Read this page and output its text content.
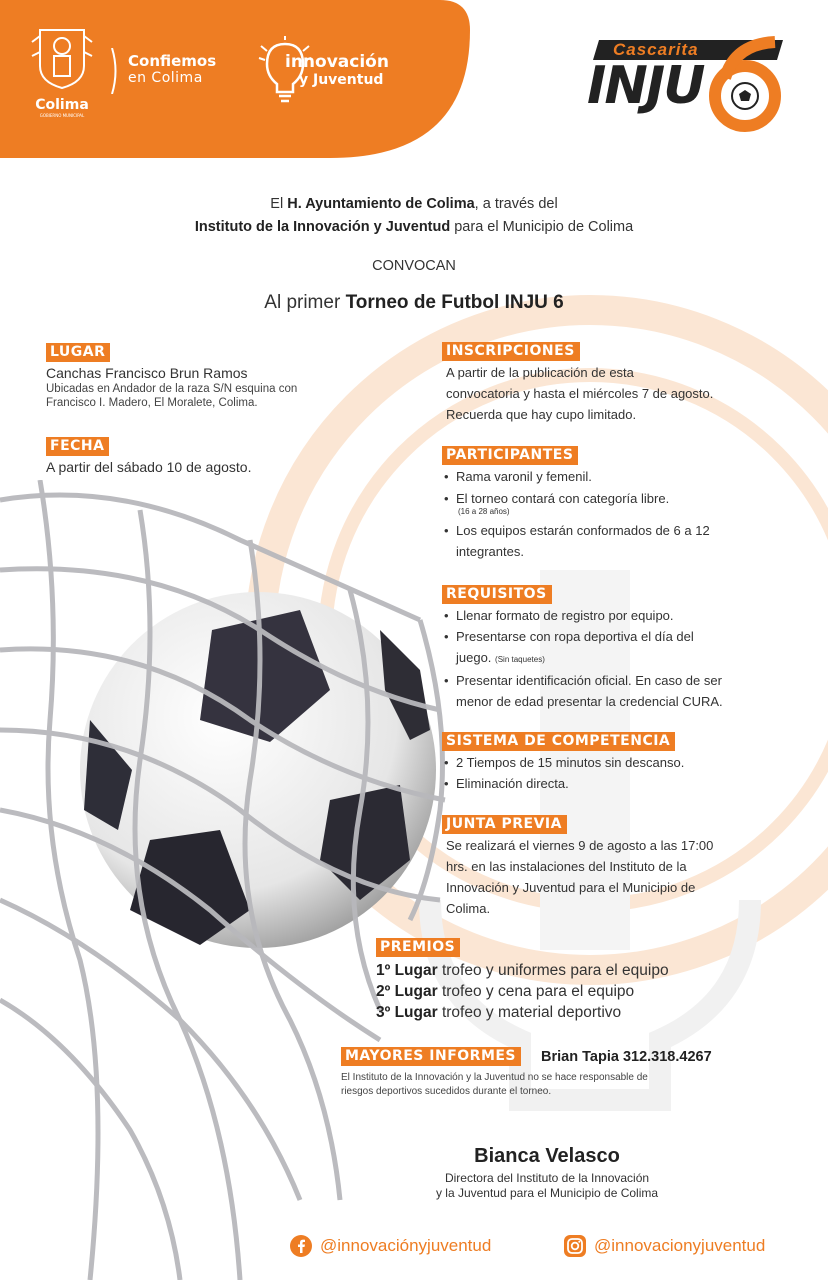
Colima
GOBIERNO MUNICIPAL
Confiemos
en Colima
innovación
y Juventud
6
Cascarita
INJU
El H. Ayuntamiento de Colima, a través del
Instituto de la Innovación y Juventud para el Municipio de Colima
CONVOCAN
Al primer Torneo de Futbol INJU 6
LUGAR
Canchas Francisco Brun Ramos
Ubicadas en Andador de la raza S/N esquina con
Francisco I. Madero, El Moralete, Colima.
FECHA
A partir del sábado 10 de agosto.
INSCRIPCIONES
A partir de la publicación de esta
convocatoria y hasta el miércoles 7 de agosto.
Recuerda que hay cupo limitado.
PARTICIPANTES
• Rama varonil y femenil.
• El torneo contará con categoría libre.
(16 a 28 años)
• Los equipos estarán conformados de 6 a 12
integrantes.
REQUISITOS
• Llenar formato de registro por equipo.
• Presentarse con ropa deportiva el día del
juego. (Sin taquetes)
• Presentar identificación oficial. En caso de ser
menor de edad presentar la credencial CURA.
SISTEMA DE COMPETENCIA
• 2 Tiempos de 15 minutos sin descanso.
• Eliminación directa.
JUNTA PREVIA
Se realizará el viernes 9 de agosto a las 17:00
hrs. en las instalaciones del Instituto de la
Innovación y Juventud para el Municipio de
Colima.
PREMIOS
1º Lugar trofeo y uniformes para el equipo
2º Lugar trofeo y cena para el equipo
3º Lugar trofeo y material deportivo
MAYORES INFORMES	Brian Tapia 312.318.4267
El Instituto de la Innovación y la Juventud no se hace responsable de
riesgos deportivos sucedidos durante el torneo.
Bianca Velasco
Directora del Instituto de la Innovación
y la Juventud para el Municipio de Colima
@innovaciónyjuventud	@innovacionyjuventud
